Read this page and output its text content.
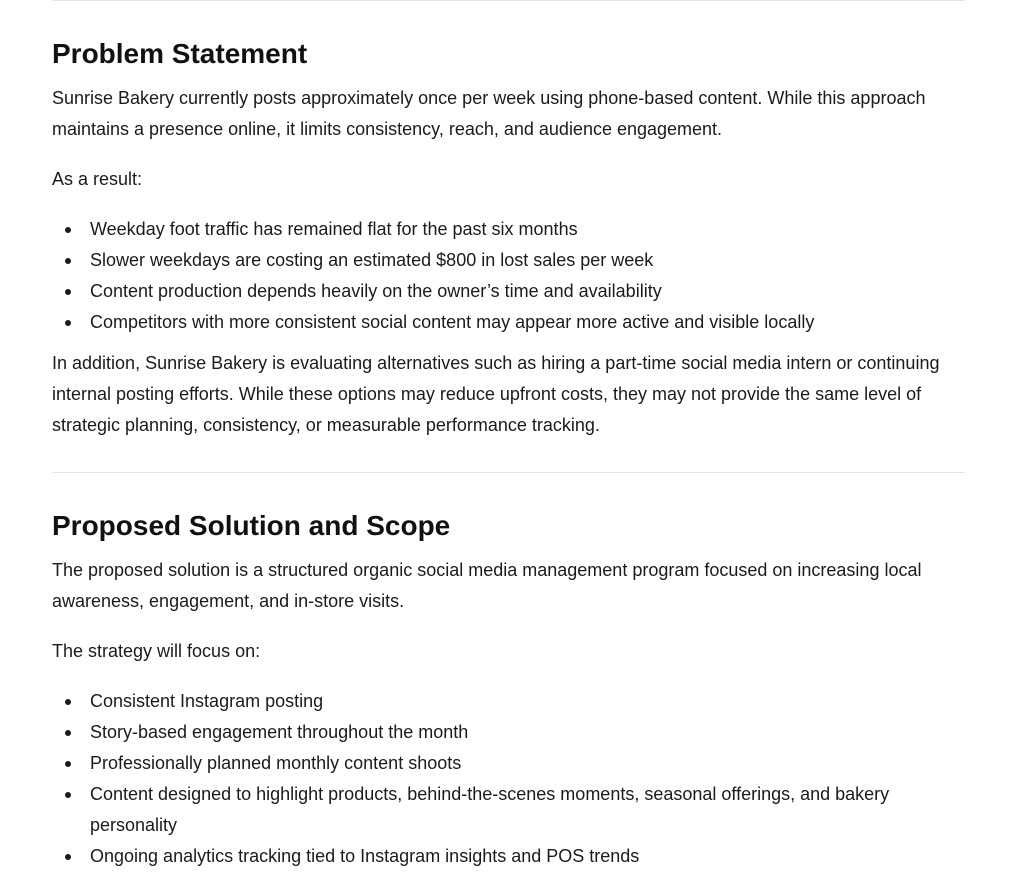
Problem Statement

Sunrise Bakery currently posts approximately once per week using phone-based content. While this approach maintains a presence online, it limits consistency, reach, and audience engagement.

As a result:

Weekday foot traffic has remained flat for the past six months
Slower weekdays are costing an estimated $800 in lost sales per week
Content production depends heavily on the owner’s time and availability
Competitors with more consistent social content may appear more active and visible locally

In addition, Sunrise Bakery is evaluating alternatives such as hiring a part-time social media intern or continuing internal posting efforts. While these options may reduce upfront costs, they may not provide the same level of strategic planning, consistency, or measurable performance tracking.

Proposed Solution and Scope

The proposed solution is a structured organic social media management program focused on increasing local awareness, engagement, and in-store visits.

The strategy will focus on:

Consistent Instagram posting
Story-based engagement throughout the month
Professionally planned monthly content shoots
Content designed to highlight products, behind-the-scenes moments, seasonal offerings, and bakery personality
Ongoing analytics tracking tied to Instagram insights and POS trends
